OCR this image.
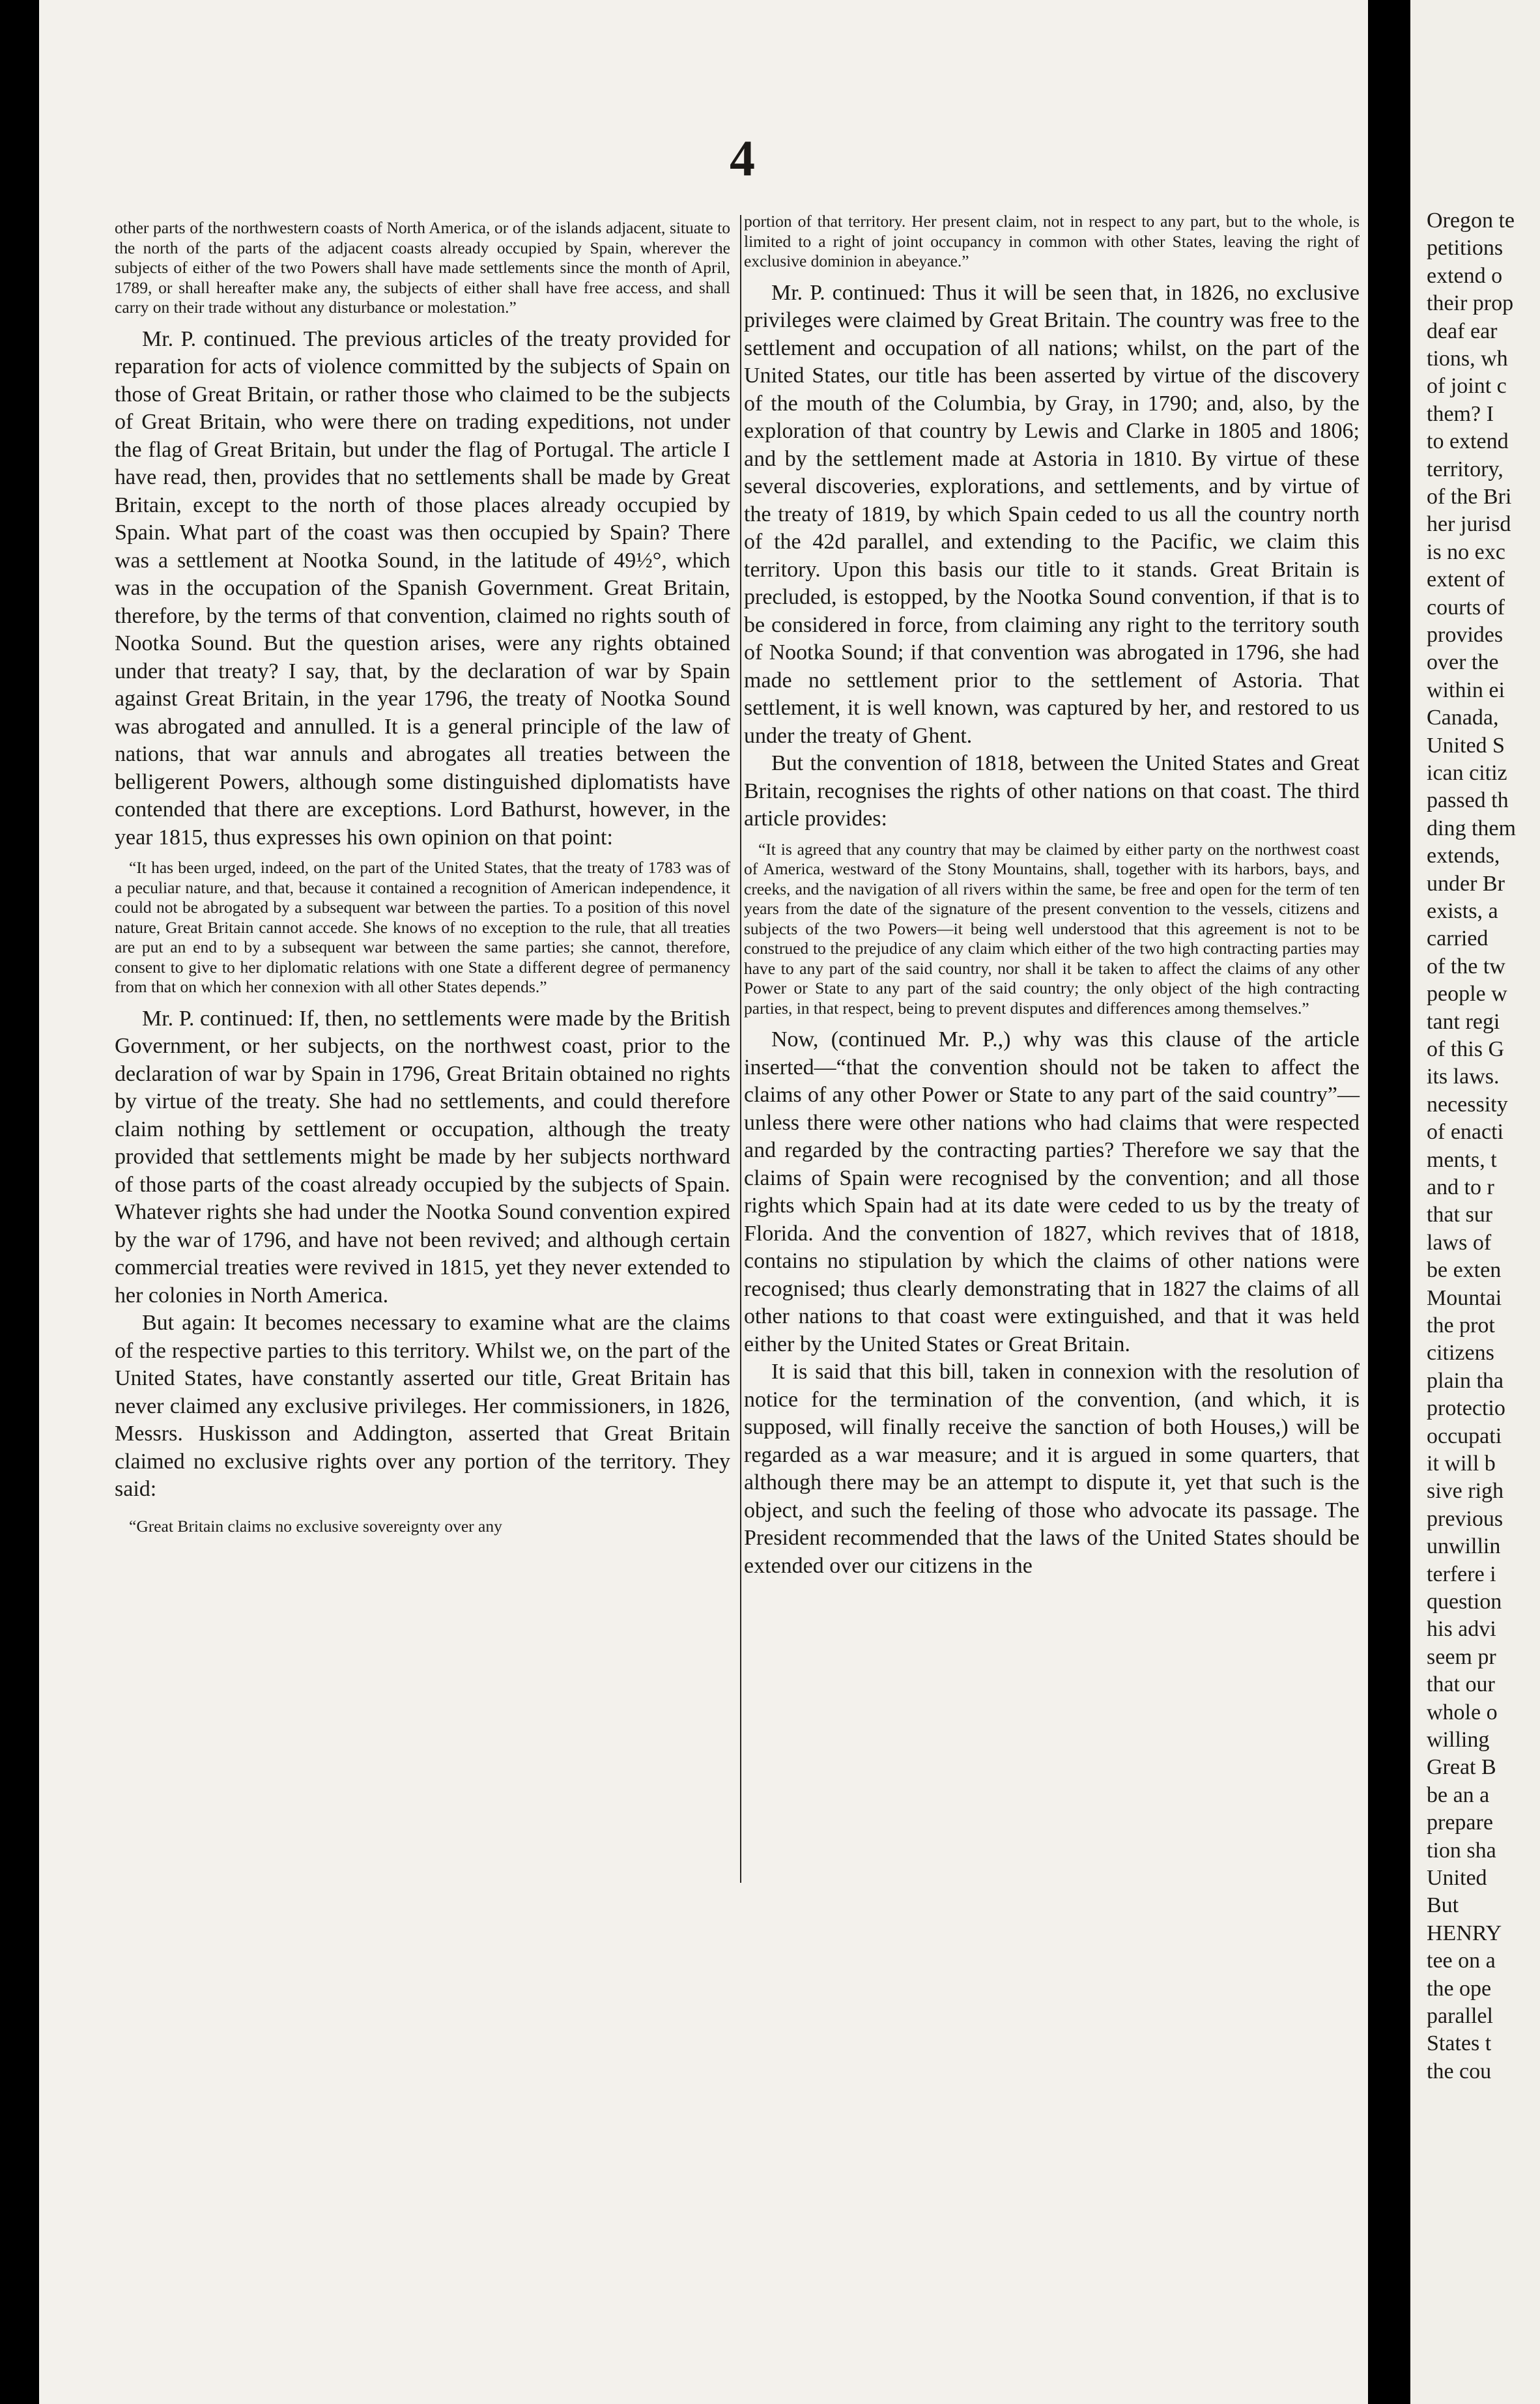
Oregon te
petitions
extend o
their prop
deaf ear
tions, wh
of joint c
them? I
to extend
territory,
of the Bri
her jurisd
is no exc
extent of
courts of
provides
over the
within ei
Canada,
United S
ican citiz
passed th
ding them
extends,
under Br
exists, a
carried
of the tw
people w
tant regi
of this G
its laws.
necessity
of enacti
ments, t
and to r
that sur
laws of
be exten
Mountai
the prot
citizens
plain tha
protectio
occupati
it will b
sive righ
previous
unwillin
terfere i
question
his advi
seem pr
that our
whole o
willing
Great B
be an a
prepare
tion sha
United
But
HENRY
tee on a
the ope
parallel
States t
the cou
4

other parts of the northwestern coasts of North America, or of the islands adjacent, situate to the north of the parts of the adjacent coasts already occupied by Spain, wherever the subjects of either of the two Powers shall have made settlements since the month of April, 1789, or shall hereafter make any, the subjects of either shall have free access, and shall carry on their trade without any disturbance or molestation.”

Mr. P. continued. The previous articles of the treaty provided for reparation for acts of violence committed by the subjects of Spain on those of Great Britain, or rather those who claimed to be the subjects of Great Britain, who were there on trading expeditions, not under the flag of Great Britain, but under the flag of Portugal. The article I have read, then, provides that no settlements shall be made by Great Britain, except to the north of those places already occupied by Spain. What part of the coast was then occupied by Spain? There was a settlement at Nootka Sound, in the latitude of 49½°, which was in the occupation of the Spanish Government. Great Britain, therefore, by the terms of that convention, claimed no rights south of Nootka Sound. But the question arises, were any rights obtained under that treaty? I say, that, by the declaration of war by Spain against Great Britain, in the year 1796, the treaty of Nootka Sound was abrogated and annulled. It is a general principle of the law of nations, that war annuls and abrogates all treaties between the belligerent Powers, although some distinguished diplomatists have contended that there are exceptions. Lord Bathurst, however, in the year 1815, thus expresses his own opinion on that point:

“It has been urged, indeed, on the part of the United States, that the treaty of 1783 was of a peculiar nature, and that, because it contained a recognition of American independence, it could not be abrogated by a subsequent war between the parties. To a position of this novel nature, Great Britain cannot accede. She knows of no exception to the rule, that all treaties are put an end to by a subsequent war between the same parties; she cannot, therefore, consent to give to her diplomatic relations with one State a different degree of permanency from that on which her connexion with all other States depends.”

Mr. P. continued: If, then, no settlements were made by the British Government, or her subjects, on the northwest coast, prior to the declaration of war by Spain in 1796, Great Britain obtained no rights by virtue of the treaty. She had no settlements, and could therefore claim nothing by settlement or occupation, although the treaty provided that settlements might be made by her subjects northward of those parts of the coast already occupied by the subjects of Spain. Whatever rights she had under the Nootka Sound convention expired by the war of 1796, and have not been revived; and although certain commercial treaties were revived in 1815, yet they never extended to her colonies in North America.

But again: It becomes necessary to examine what are the claims of the respective parties to this territory. Whilst we, on the part of the United States, have constantly asserted our title, Great Britain has never claimed any exclusive privileges. Her commissioners, in 1826, Messrs. Huskisson and Addington, asserted that Great Britain claimed no exclusive rights over any portion of the territory. They said:

“Great Britain claims no exclusive sovereignty over any

portion of that territory. Her present claim, not in respect to any part, but to the whole, is limited to a right of joint occupancy in common with other States, leaving the right of exclusive dominion in abeyance.”

Mr. P. continued: Thus it will be seen that, in 1826, no exclusive privileges were claimed by Great Britain. The country was free to the settlement and occupation of all nations; whilst, on the part of the United States, our title has been asserted by virtue of the discovery of the mouth of the Columbia, by Gray, in 1790; and, also, by the exploration of that country by Lewis and Clarke in 1805 and 1806; and by the settlement made at Astoria in 1810. By virtue of these several discoveries, explorations, and settlements, and by virtue of the treaty of 1819, by which Spain ceded to us all the country north of the 42d parallel, and extending to the Pacific, we claim this territory. Upon this basis our title to it stands. Great Britain is precluded, is estopped, by the Nootka Sound convention, if that is to be considered in force, from claiming any right to the territory south of Nootka Sound; if that convention was abrogated in 1796, she had made no settlement prior to the settlement of Astoria. That settlement, it is well known, was captured by her, and restored to us under the treaty of Ghent.

But the convention of 1818, between the United States and Great Britain, recognises the rights of other nations on that coast. The third article provides:

“It is agreed that any country that may be claimed by either party on the northwest coast of America, westward of the Stony Mountains, shall, together with its harbors, bays, and creeks, and the navigation of all rivers within the same, be free and open for the term of ten years from the date of the signature of the present convention to the vessels, citizens and subjects of the two Powers—it being well understood that this agreement is not to be construed to the prejudice of any claim which either of the two high contracting parties may have to any part of the said country, nor shall it be taken to affect the claims of any other Power or State to any part of the said country; the only object of the high contracting parties, in that respect, being to prevent disputes and differences among themselves.”

Now, (continued Mr. P.,) why was this clause of the article inserted—“that the convention should not be taken to affect the claims of any other Power or State to any part of the said country”—unless there were other nations who had claims that were respected and regarded by the contracting parties? Therefore we say that the claims of Spain were recognised by the convention; and all those rights which Spain had at its date were ceded to us by the treaty of Florida. And the convention of 1827, which revives that of 1818, contains no stipulation by which the claims of other nations were recognised; thus clearly demonstrating that in 1827 the claims of all other nations to that coast were extinguished, and that it was held either by the United States or Great Britain.

It is said that this bill, taken in connexion with the resolution of notice for the termination of the convention, (and which, it is supposed, will finally receive the sanction of both Houses,) will be regarded as a war measure; and it is argued in some quarters, that although there may be an attempt to dispute it, yet that such is the object, and such the feeling of those who advocate its passage. The President recommended that the laws of the United States should be extended over our citizens in the
